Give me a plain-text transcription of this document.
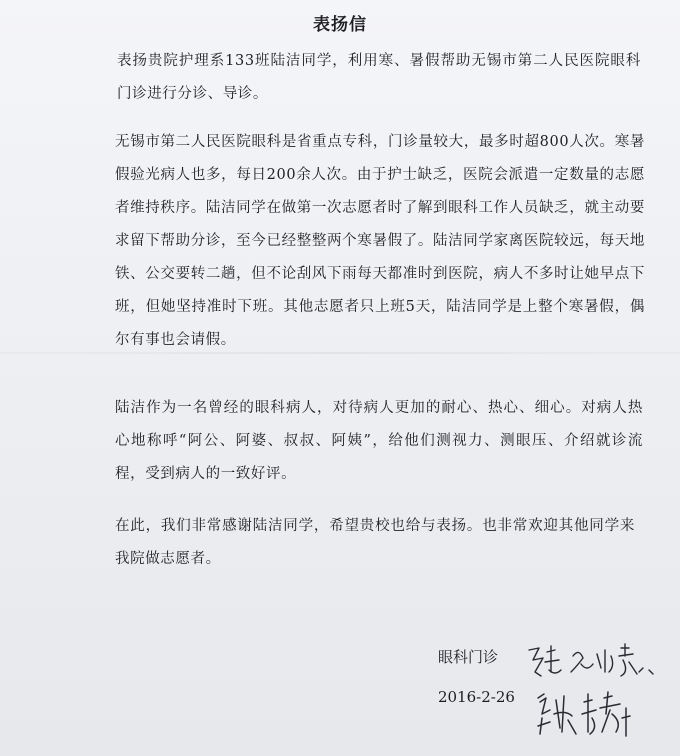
表扬信

表扬贵院护理系133班陆洁同学，利用寒、暑假帮助无锡市第二人民医院眼科门诊进行分诊、导诊。

无锡市第二人民医院眼科是省重点专科，门诊量较大，最多时超800人次。寒暑假验光病人也多，每日200余人次。由于护士缺乏，医院会派遣一定数量的志愿者维持秩序。陆洁同学在做第一次志愿者时了解到眼科工作人员缺乏，就主动要求留下帮助分诊，至今已经整整两个寒暑假了。陆洁同学家离医院较远，每天地铁、公交要转二趟，但不论刮风下雨每天都准时到医院，病人不多时让她早点下班，但她坚持准时下班。其他志愿者只上班5天，陆洁同学是上整个寒暑假，偶尔有事也会请假。

陆洁作为一名曾经的眼科病人，对待病人更加的耐心、热心、细心。对病人热心地称呼“阿公、阿婆、叔叔、阿姨”，给他们测视力、测眼压、介绍就诊流程，受到病人的一致好评。

在此，我们非常感谢陆洁同学，希望贵校也给与表扬。也非常欢迎其他同学来我院做志愿者。

眼科门诊
2016-2-26
